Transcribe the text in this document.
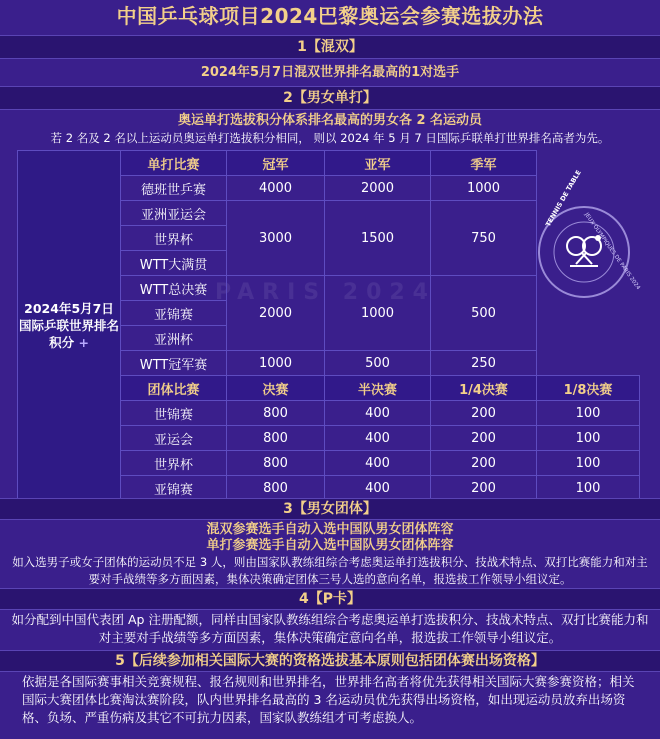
中国乒乓球项目2024巴黎奥运会参赛选拔办法
1【混双】
2024年5月7日混双世界排名最高的1对选手
2【男女单打】
奥运单打选拔积分体系排名最高的男女各 2 名运动员
若 2 名及 2 名以上运动员奥运单打选拔积分相同， 则以 2024 年 5 月 7 日国际乒联单打世界排名高者为先。
PARIS 2024
2024年5月7日国际乒联世界排名积分 +	单打比赛	冠军	亚军	季军	
	德班世乒赛	4000	2000	1000	
	亚洲亚运会	3000	1500	750	
	世界杯				
	WTT大满贯				
	WTT总决赛	2000	1000	500	
	亚锦赛				
	亚洲杯				
	WTT冠军赛	1000	500	250	
	团体比赛	决赛	半决赛	1/4决赛	1/8决赛
	世锦赛	800	400	200	100
	亚运会	800	400	200	100
	世界杯	800	400	200	100
	亚锦赛	800	400	200	100
TENNIS DE TABLE
JEUX OLYMPIQUES DE PARIS 2024
3【男女团体】
混双参赛选手自动入选中国队男女团体阵容
单打参赛选手自动入选中国队男女团体阵容
如入选男子或女子团体的运动员不足 3 人，则由国家队教练组综合考虑奥运单打选拔积分、技战术特点、双打比赛能力和对主要对手战绩等多方面因素，集体决策确定团体三号人选的意向名单，报选拔工作领导小组议定。
4【P卡】
如分配到中国代表团 Ap 注册配额，同样由国家队教练组综合考虑奥运单打选拔积分、技战术特点、双打比赛能力和对主要对手战绩等多方面因素，集体决策确定意向名单，报选拔工作领导小组议定。
5【后续参加相关国际大赛的资格选拔基本原则包括团体赛出场资格】
依据是各国际赛事相关竞赛规程、报名规则和世界排名，世界排名高者将优先获得相关国际大赛参赛资格；相关国际大赛团体比赛淘汰赛阶段，队内世界排名最高的 3 名运动员优先获得出场资格，如出现运动员放弃出场资格、负场、严重伤病及其它不可抗力因素，国家队教练组才可考虑换人。
